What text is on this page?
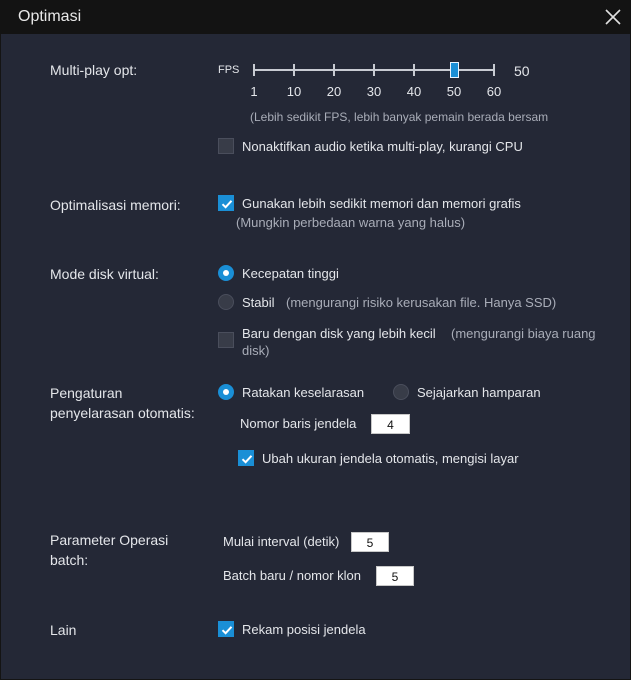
Optimasi
Multi-play opt:	FPS	50
1 10 20 30 40 50 60
(Lebih sedikit FPS, lebih banyak pemain berada bersam
Nonaktifkan audio ketika multi-play, kurangi CPU
Optimalisasi memori:	Gunakan lebih sedikit memori dan memori grafis
(Mungkin perbedaan warna yang halus)
Mode disk virtual:	Kecepatan tinggi
Stabil (mengurangi risiko kerusakan file. Hanya SSD)
Baru dengan disk yang lebih kecil (mengurangi biaya ruang
disk)
Pengaturan
penyelarasan otomatis:
Ratakan keselarasan	Sejajarkan hamparan
Nomor baris jendela	4
Ubah ukuran jendela otomatis, mengisi layar
Parameter Operasi
batch:
Mulai interval (detik)	5
Batch baru / nomor klon	5
Lain	Rekam posisi jendela
